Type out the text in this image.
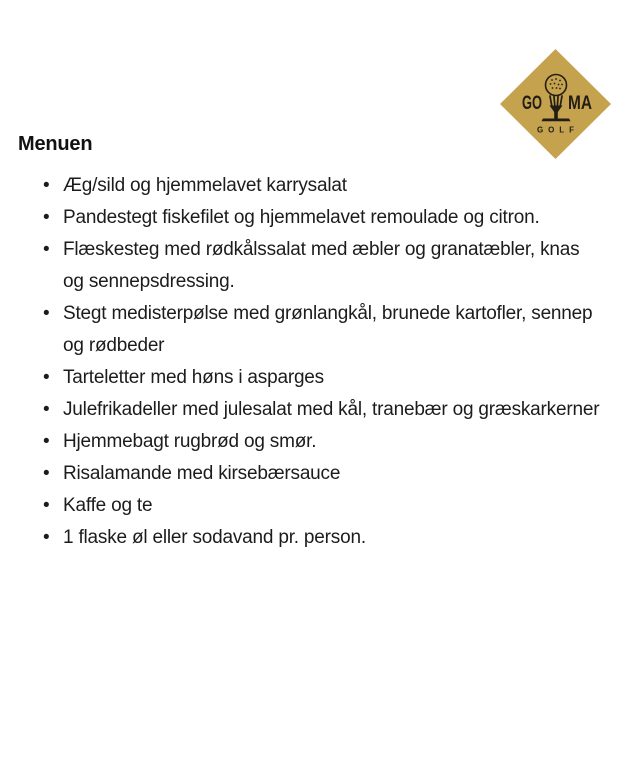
GO MA
GOLF
Menuen
• Æg/sild og hjemmelavet karrysalat
• Pandestegt fiskefilet og hjemmelavet remoulade og citron.
• Flæskesteg med rødkålssalat med æbler og granatæbler, knas og sennepsdressing.
• Stegt medisterpølse med grønlangkål, brunede kartofler, sennep og rødbeder
• Tarteletter med høns i asparges
• Julefrikadeller med julesalat med kål, tranebær og græskarkerner
• Hjemmebagt rugbrød og smør.
• Risalamande med kirsebærsauce
• Kaffe og te
• 1 flaske øl eller sodavand pr. person.
